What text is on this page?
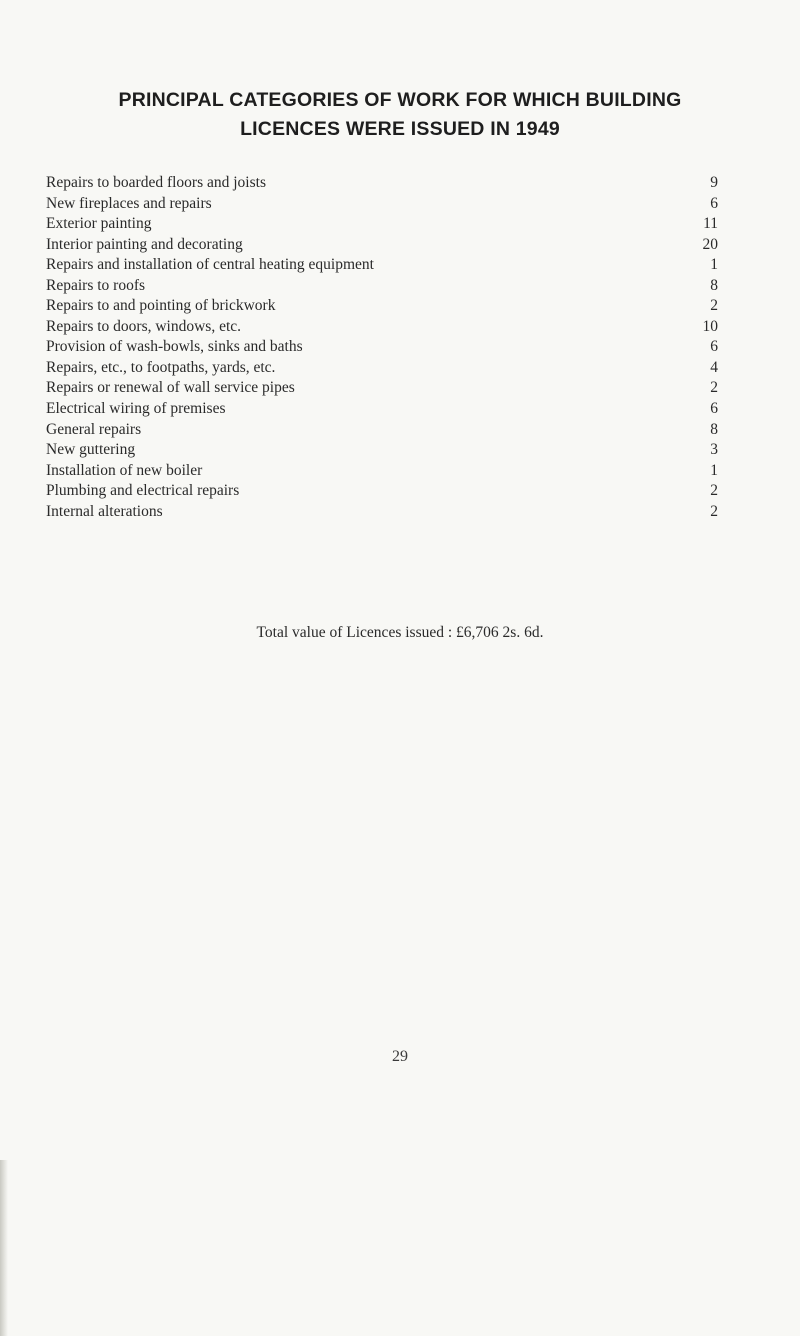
PRINCIPAL CATEGORIES OF WORK FOR WHICH BUILDING
LICENCES WERE ISSUED IN 1949
Repairs to boarded floors and joists	9
New fireplaces and repairs	6
Exterior painting	11
Interior painting and decorating	20
Repairs and installation of central heating equipment	1
Repairs to roofs	8
Repairs to and pointing of brickwork	2
Repairs to doors, windows, etc.	10
Provision of wash-bowls, sinks and baths	6
Repairs, etc., to footpaths, yards, etc.	4
Repairs or renewal of wall service pipes	2
Electrical wiring of premises	6
General repairs	8
New guttering	3
Installation of new boiler	1
Plumbing and electrical repairs	2
Internal alterations	2
Total value of Licences issued : £6,706 2s. 6d.
29
